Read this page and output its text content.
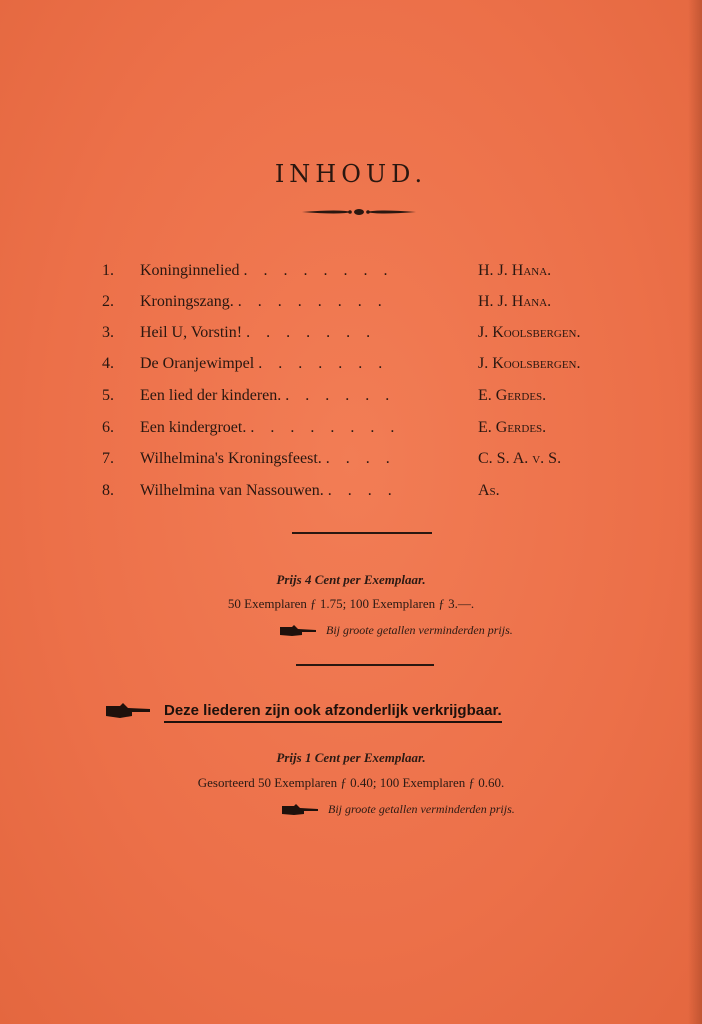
INHOUD.
1.	Koninginnelied . . . . . . . .	H. J. Hana.
2.	Kroningszang. . . . . . . . .	H. J. Hana.
3.	Heil U, Vorstin! . . . . . . .	J. Koolsbergen.
4.	De Oranjewimpel . . . . . . .	J. Koolsbergen.
5.	Een lied der kinderen. . . . . . .	E. Gerdes.
6.	Een kindergroet. . . . . . . . .	E. Gerdes.
7.	Wilhelmina's Kroningsfeest. . . . .	C. S. A. v. S.
8.	Wilhelmina van Nassouwen. . . . .	As.
Prijs 4 Cent per Exemplaar.
50 Exemplaren ƒ 1.75; 100 Exemplaren ƒ 3.—.
Bij groote getallen verminderden prijs.
Deze liederen zijn ook afzonderlijk verkrijgbaar.
Prijs 1 Cent per Exemplaar.
Gesorteerd 50 Exemplaren ƒ 0.40; 100 Exemplaren ƒ 0.60.
Bij groote getallen verminderden prijs.
